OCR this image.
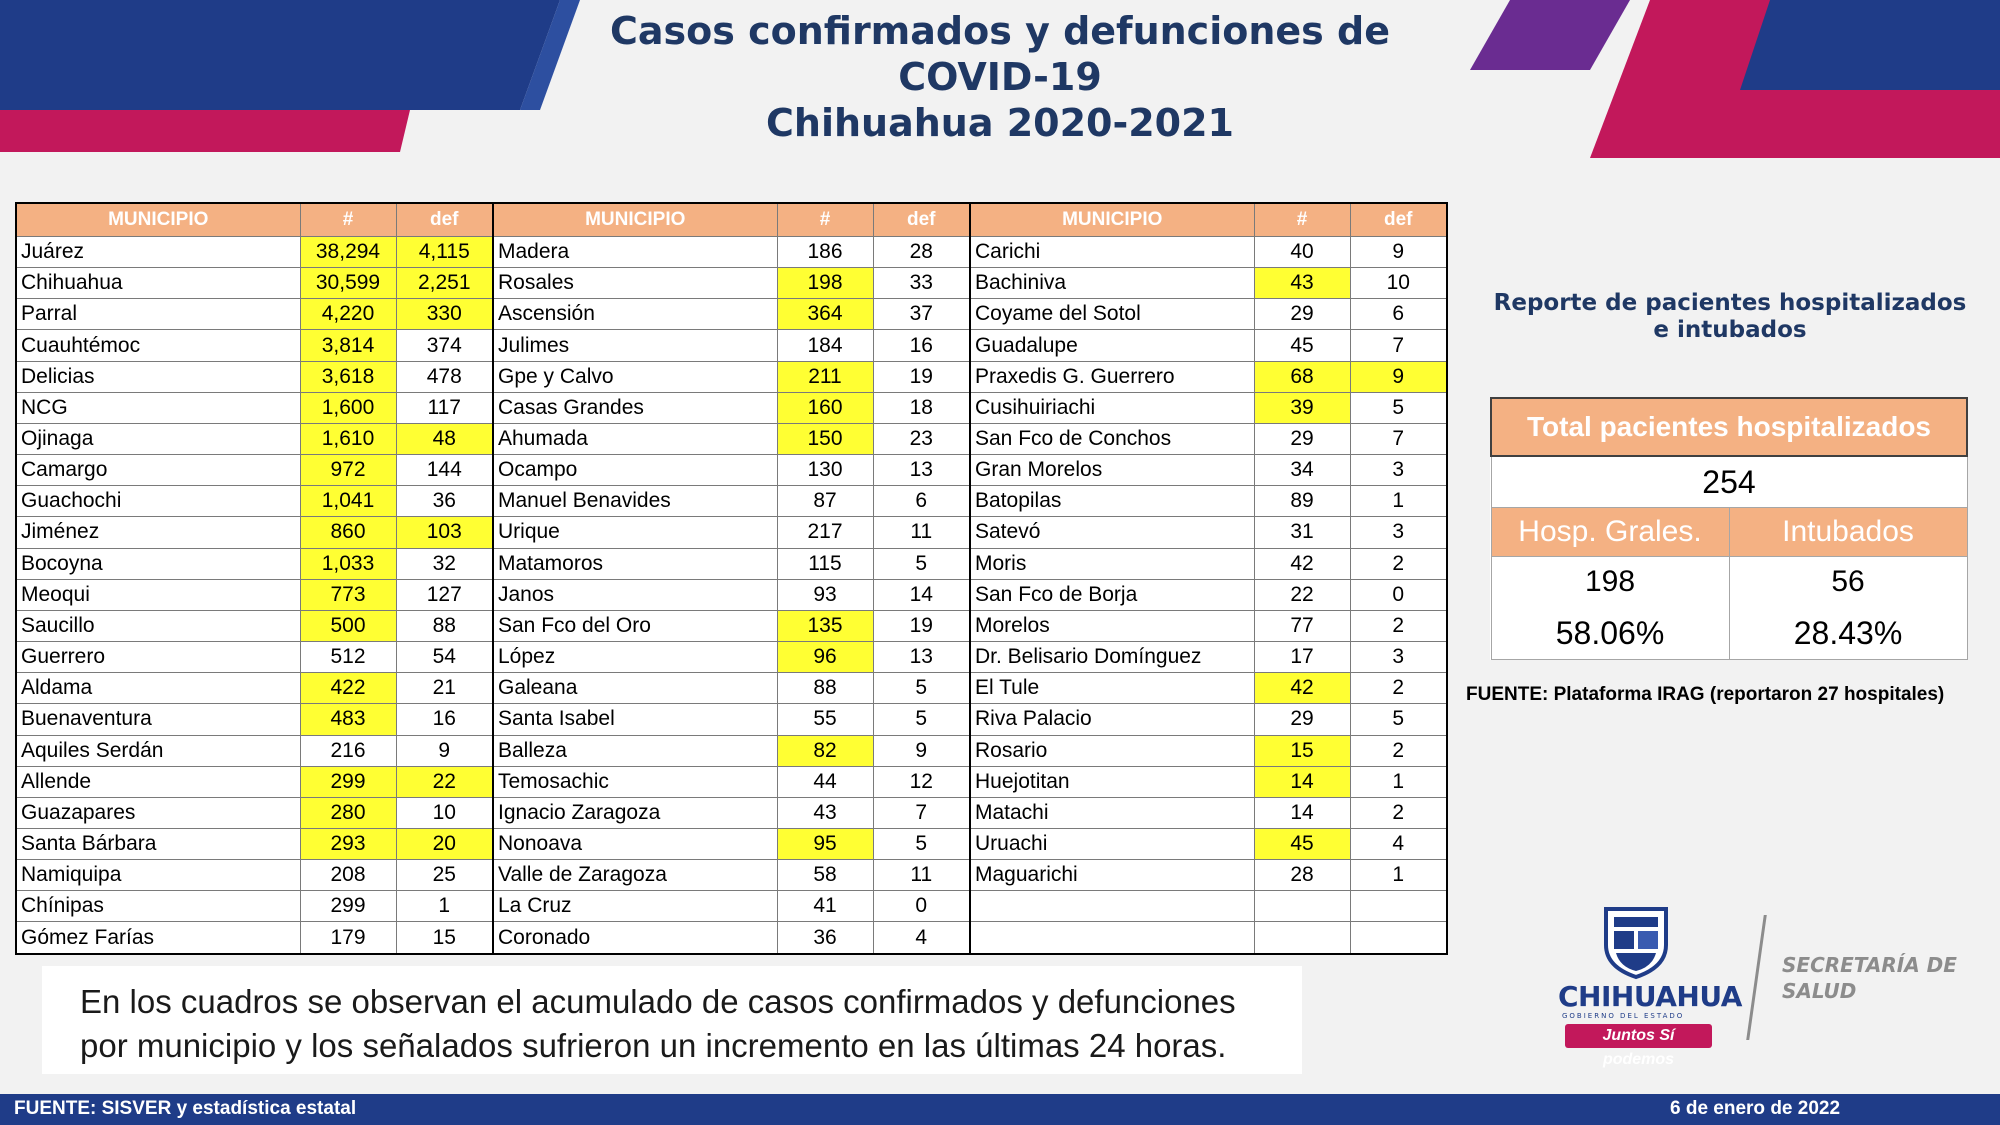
Casos confirmados y defunciones de
COVID-19
Chihuahua 2020-2021
MUNICIPIO	#	def	MUNICIPIO	#	def	MUNICIPIO	#	def
Juárez	38,294	4,115	Madera	186	28	Carichi	40	9
Chihuahua	30,599	2,251	Rosales	198	33	Bachiniva	43	10
Parral	4,220	330	Ascensión	364	37	Coyame del Sotol	29	6
Cuauhtémoc	3,814	374	Julimes	184	16	Guadalupe	45	7
Delicias	3,618	478	Gpe y Calvo	211	19	Praxedis G. Guerrero	68	9
NCG	1,600	117	Casas Grandes	160	18	Cusihuiriachi	39	5
Ojinaga	1,610	48	Ahumada	150	23	San Fco de Conchos	29	7
Camargo	972	144	Ocampo	130	13	Gran Morelos	34	3
Guachochi	1,041	36	Manuel Benavides	87	6	Batopilas	89	1
Jiménez	860	103	Urique	217	11	Satevó	31	3
Bocoyna	1,033	32	Matamoros	115	5	Moris	42	2
Meoqui	773	127	Janos	93	14	San Fco de Borja	22	0
Saucillo	500	88	San Fco del Oro	135	19	Morelos	77	2
Guerrero	512	54	López	96	13	Dr. Belisario Domínguez	17	3
Aldama	422	21	Galeana	88	5	El Tule	42	2
Buenaventura	483	16	Santa Isabel	55	5	Riva Palacio	29	5
Aquiles Serdán	216	9	Balleza	82	9	Rosario	15	2
Allende	299	22	Temosachic	44	12	Huejotitan	14	1
Guazapares	280	10	Ignacio Zaragoza	43	7	Matachi	14	2
Santa Bárbara	293	20	Nonoava	95	5	Uruachi	45	4
Namiquipa	208	25	Valle de Zaragoza	58	11	Maguarichi	28	1
Chínipas	299	1	La Cruz	41	0			
Gómez Farías	179	15	Coronado	36	4			
Reporte de pacientes hospitalizados
e intubados
Total pacientes hospitalizados	
254	
Hosp. Grales.	Intubados
198	56
58.06%	28.43%
FUENTE: Plataforma IRAG (reportaron 27 hospitales)
En los cuadros se observan el acumulado de casos confirmados y defunciones
por municipio y los señalados sufrieron un incremento en las últimas 24 horas.
CHIHUAHUA
GOBIERNO DEL ESTADO
Juntos Sí podemos
SECRETARÍA DE
SALUD
FUENTE: SISVER y estadística estatal	6 de enero de 2022
